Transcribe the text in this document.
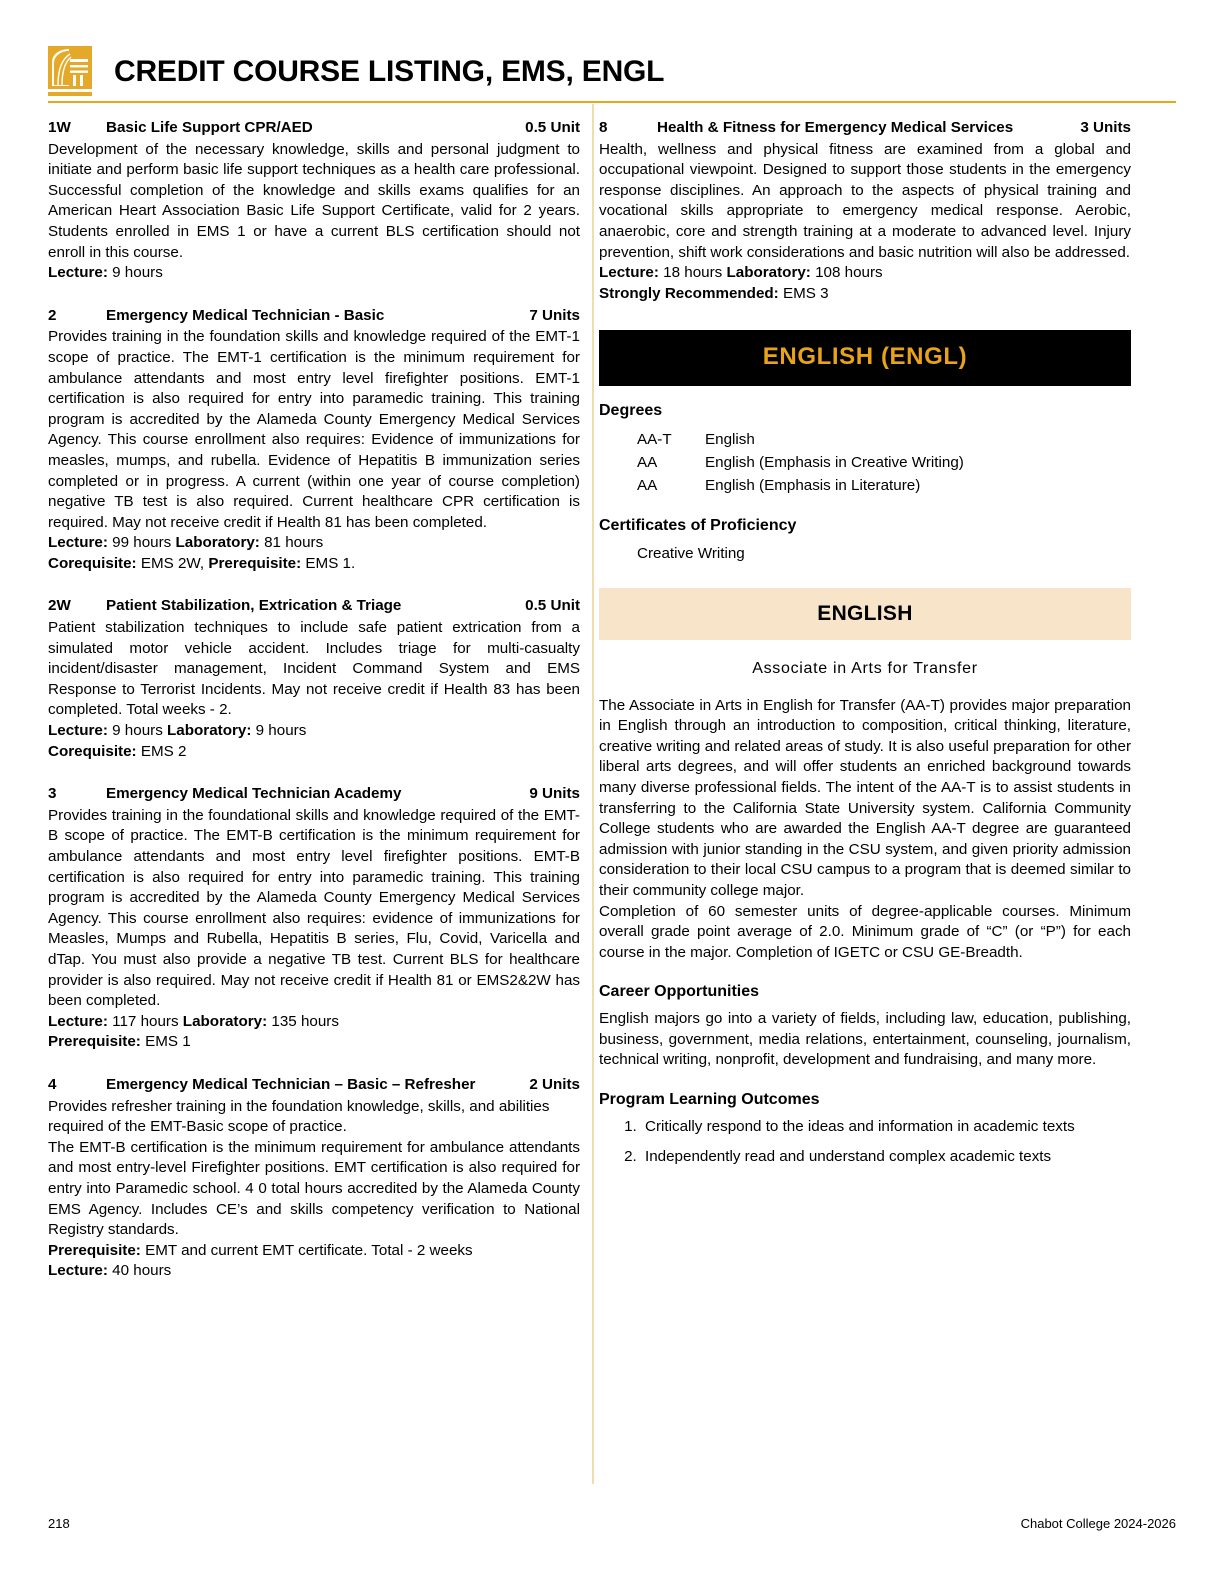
CREDIT COURSE LISTING, EMS, ENGL
1W	Basic Life Support CPR/AED	0.5 Unit

Development of the necessary knowledge, skills and personal judgment to initiate and perform basic life support techniques as a health care professional. Successful completion of the knowledge and skills exams qualifies for an American Heart Association Basic Life Support Certificate, valid for 2 years. Students enrolled in EMS 1 or have a current BLS certification should not enroll in this course.

Lecture: 9 hours

2	Emergency Medical Technician - Basic	7 Units

Provides training in the foundation skills and knowledge required of the EMT-1 scope of practice. The EMT-1 certification is the minimum requirement for ambulance attendants and most entry level firefighter positions. EMT-1 certification is also required for entry into paramedic training. This training program is accredited by the Alameda County Emergency Medical Services Agency. This course enrollment also requires: Evidence of immunizations for measles, mumps, and rubella. Evidence of Hepatitis B immunization series completed or in progress. A current (within one year of course completion) negative TB test is also required. Current healthcare CPR certification is required. May not receive credit if Health 81 has been completed.

Lecture: 99 hours Laboratory: 81 hours

Corequisite: EMS 2W, Prerequisite: EMS 1.

2W	Patient Stabilization, Extrication & Triage	0.5 Unit

Patient stabilization techniques to include safe patient extrication from a simulated motor vehicle accident. Includes triage for multi-casualty incident/disaster management, Incident Command System and EMS Response to Terrorist Incidents. May not receive credit if Health 83 has been completed. Total weeks - 2.

Lecture: 9 hours Laboratory: 9 hours

Corequisite: EMS 2

3	Emergency Medical Technician Academy	9 Units

Provides training in the foundational skills and knowledge required of the EMT-B scope of practice. The EMT-B certification is the minimum requirement for ambulance attendants and most entry level firefighter positions. EMT-B certification is also required for entry into paramedic training. This training program is accredited by the Alameda County Emergency Medical Services Agency. This course enrollment also requires: evidence of immunizations for Measles, Mumps and Rubella, Hepatitis B series, Flu, Covid, Varicella and dTap. You must also provide a negative TB test. Current BLS for healthcare provider is also required. May not receive credit if Health 81 or EMS2&2W has been completed.

Lecture: 117 hours Laboratory: 135 hours

Prerequisite: EMS 1

4	Emergency Medical Technician – Basic – Refresher	2 Units

Provides refresher training in the foundation knowledge, skills, and abilities required of the EMT-Basic scope of practice.

The EMT-B certification is the minimum requirement for ambulance attendants and most entry-level Firefighter positions. EMT certification is also required for entry into Paramedic school. 4 0 total hours accredited by the Alameda County EMS Agency. Includes CE’s and skills competency verification to National Registry standards.

Prerequisite: EMT and current EMT certificate. Total - 2 weeks

Lecture: 40 hours

8	Health & Fitness for Emergency Medical Services	3 Units

Health, wellness and physical fitness are examined from a global and occupational viewpoint. Designed to support those students in the emergency response disciplines. An approach to the aspects of physical training and vocational skills appropriate to emergency medical response. Aerobic, anaerobic, core and strength training at a moderate to advanced level. Injury prevention, shift work considerations and basic nutrition will also be addressed.

Lecture: 18 hours Laboratory: 108 hours

Strongly Recommended: EMS 3

ENGLISH (ENGL)
Degrees
AA-T	English
AA	English (Emphasis in Creative Writing)
AA	English (Emphasis in Literature)
Certificates of Proficiency
Creative Writing
ENGLISH
Associate in Arts for Transfer

The Associate in Arts in English for Transfer (AA-T) provides major preparation in English through an introduction to composition, critical thinking, literature, creative writing and related areas of study. It is also useful preparation for other liberal arts degrees, and will offer students an enriched background towards many diverse professional fields. The intent of the AA-T is to assist students in transferring to the California State University system. California Community College students who are awarded the English AA-T degree are guaranteed admission with junior standing in the CSU system, and given priority admission consideration to their local CSU campus to a program that is deemed similar to their community college major.

Completion of 60 semester units of degree-applicable courses. Minimum overall grade point average of 2.0. Minimum grade of “C” (or “P”) for each course in the major. Completion of IGETC or CSU GE-Breadth.

Career Opportunities

English majors go into a variety of fields, including law, education, publishing, business, government, media relations, entertainment, counseling, journalism, technical writing, nonprofit, development and fundraising, and many more.

Program Learning Outcomes
1. Critically respond to the ideas and information in academic texts
2. Independently read and understand complex academic texts
218	Chabot College 2024-2026
